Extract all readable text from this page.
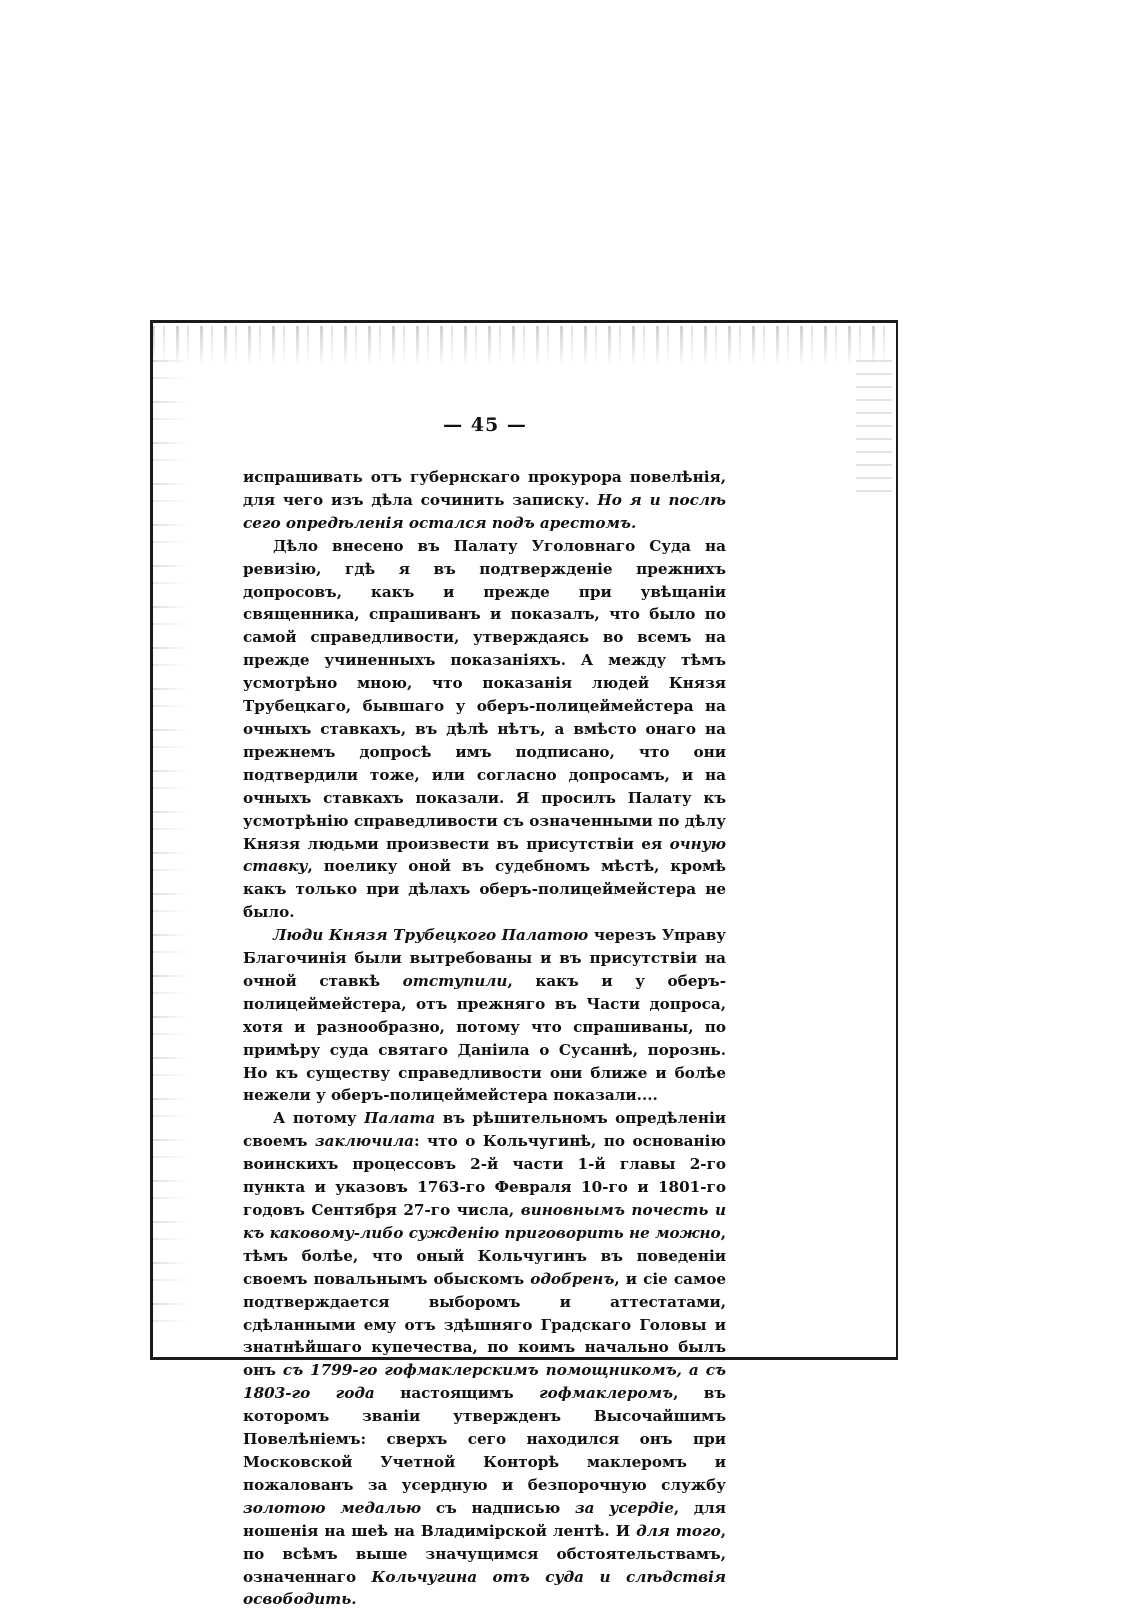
— 45 —

испрашивать отъ губернскаго прокурора повелѣнія, для чего изъ дѣла сочинить записку. Но я и послѣ сего опредѣленія остался подъ арестомъ.

Дѣло внесено въ Палату Уголовнаго Суда на ревизію, гдѣ я въ подтвержденіе прежнихъ допросовъ, какъ и прежде при увѣщаніи священника, спрашиванъ и показалъ, что было по самой справедливости, утверждаясь во всемъ на прежде учиненныхъ показаніяхъ. А между тѣмъ усмотрѣно мною, что показанія людей Князя Трубецкаго, бывшаго у оберъ-полицеймейстера на очныхъ ставкахъ, въ дѣлѣ нѣтъ, а вмѣсто онаго на прежнемъ допросѣ имъ подписано, что они подтвердили тоже, или согласно допросамъ, и на очныхъ ставкахъ показали. Я просилъ Палату къ усмотрѣнію справедливости съ означенными по дѣлу Князя людьми произвести въ присутствіи ея очную ставку, поелику оной въ судебномъ мѣстѣ, кромѣ какъ только при дѣлахъ оберъ-полицеймейстера не было.

Люди Князя Трубецкого Палатою черезъ Управу Благочинія были вытребованы и въ присутствіи на очной ставкѣ отступили, какъ и у оберъ-полицеймейстера, отъ прежняго въ Части допроса, хотя и разнообразно, потому что спрашиваны, по примѣру суда святаго Даніила о Сусаннѣ, порознь. Но къ существу справедливости они ближе и болѣе нежели у оберъ-полицеймейстера показали....

А потому Палата въ рѣшительномъ опредѣленіи своемъ заключила: что о Кольчугинѣ, по основанію воинскихъ процессовъ 2-й части 1-й главы 2-го пункта и указовъ 1763-го Февраля 10-го и 1801-го годовъ Сентября 27-го числа, виновнымъ почесть и къ каковому-либо сужденію приговорить не можно, тѣмъ болѣе, что оный Кольчугинъ въ поведеніи своемъ повальнымъ обыскомъ одобренъ, и сіе самое подтверждается выборомъ и аттестатами, сдѣланными ему отъ здѣшняго Градскаго Головы и знатнѣйшаго купечества, по коимъ начально былъ онъ съ 1799-го гофмаклерскимъ помощникомъ, а съ 1803-го года настоящимъ гофмаклеромъ, въ которомъ званіи утвержденъ Высочайшимъ Повелѣніемъ: сверхъ сего находился онъ при Московской Учетной Конторѣ маклеромъ и пожалованъ за усердную и безпорочную службу золотою медалью съ надписью за усердіе, для ношенія на шеѣ на Владимірской лентѣ. И для того, по всѣмъ выше значущимся обстоятельствамъ, означеннаго Кольчугина отъ суда и слѣдствія освободить.
